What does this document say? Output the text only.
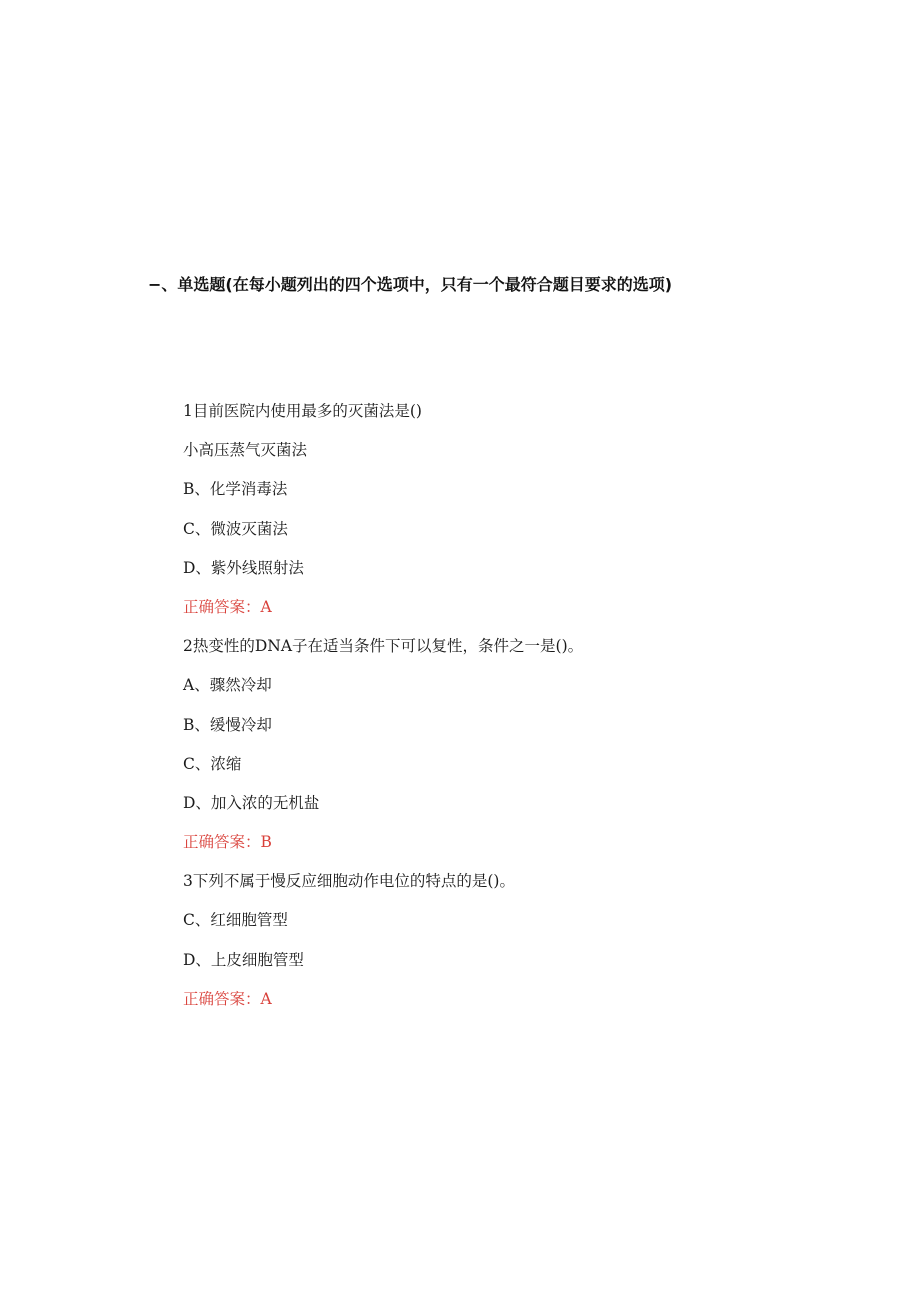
−、单选题(在每小题列出的四个选项中，只有一个最符合题目要求的选项)

1目前医院内使用最多的灭菌法是()

小高压蒸气灭菌法

B、化学消毒法

C、微波灭菌法

D、紫外线照射法

正确答案：A

2热变性的DNA子在适当条件下可以复性，条件之一是()。

A、骤然冷却

B、缓慢冷却

C、浓缩

D、加入浓的无机盐

正确答案：B

3下列不属于慢反应细胞动作电位的特点的是()。

C、红细胞管型

D、上皮细胞管型

正确答案：A
